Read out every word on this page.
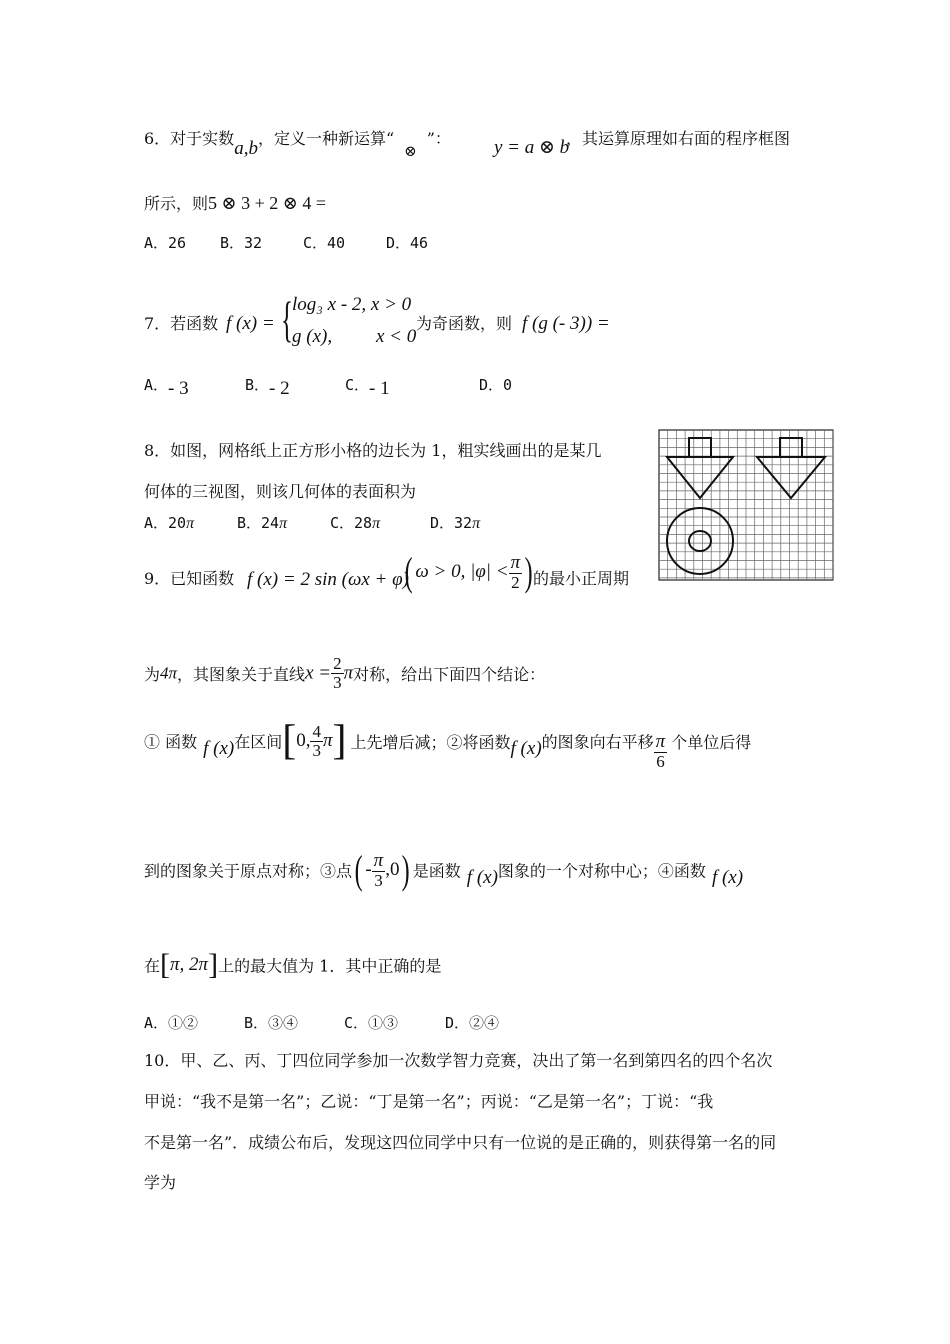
6．对于实数a,b，定义一种新运算“⊗”： y = a ⊗ b
，其运算原理如右面的程序框图
所示，则5 ⊗ 3 + 2 ⊗ 4 =
A．26 B．32	C．40	D．46
7．若函数 f (x) = { log₃ x - 2, x > 0
g (x), x < 0
为奇函数，则 f (g (- 3)) =
A．- 3	B．- 2	C．- 1	D．0
8．如图，网格纸上正方形小格的边长为 1，粗实线画出的是某几
何体的三视图，则该几何体的表面积为
A．20π	B．24π	C．28π	D．32π
9．已知函数 f (x) = 2 sin (ωx + φ)
( ω > 0, $|\varphi| < \frac{\pi}{2}$ ) 的最小正周期
为4π，其图象关于直线$x = \frac{2}{3}$ π对称，给出下面四个结论：
① 函数 f (x)在区间[0, $\frac{4}{3} \pi$] 上先增后减；②将函数f (x)的图象向右平移 $\frac{\pi}{6}$ 个单位后得
到的图象关于原点对称；③点( - $\frac{\pi}{3} ,0$) 是函数 f (x)图象的一个对称中心；④函数 f (x)
在[π, 2π]上的最大值为 1．其中正确的是
A．①②	B．③④	C．①③	D．②④
10．甲、乙、丙、丁四位同学参加一次数学智力竞赛，决出了第一名到第四名的四个名次
甲说：“我不是第一名”；乙说：“丁是第一名”；丙说：“乙是第一名”；丁说：“我
不是第一名”．成绩公布后，发现这四位同学中只有一位说的是正确的，则获得第一名的同
学为
